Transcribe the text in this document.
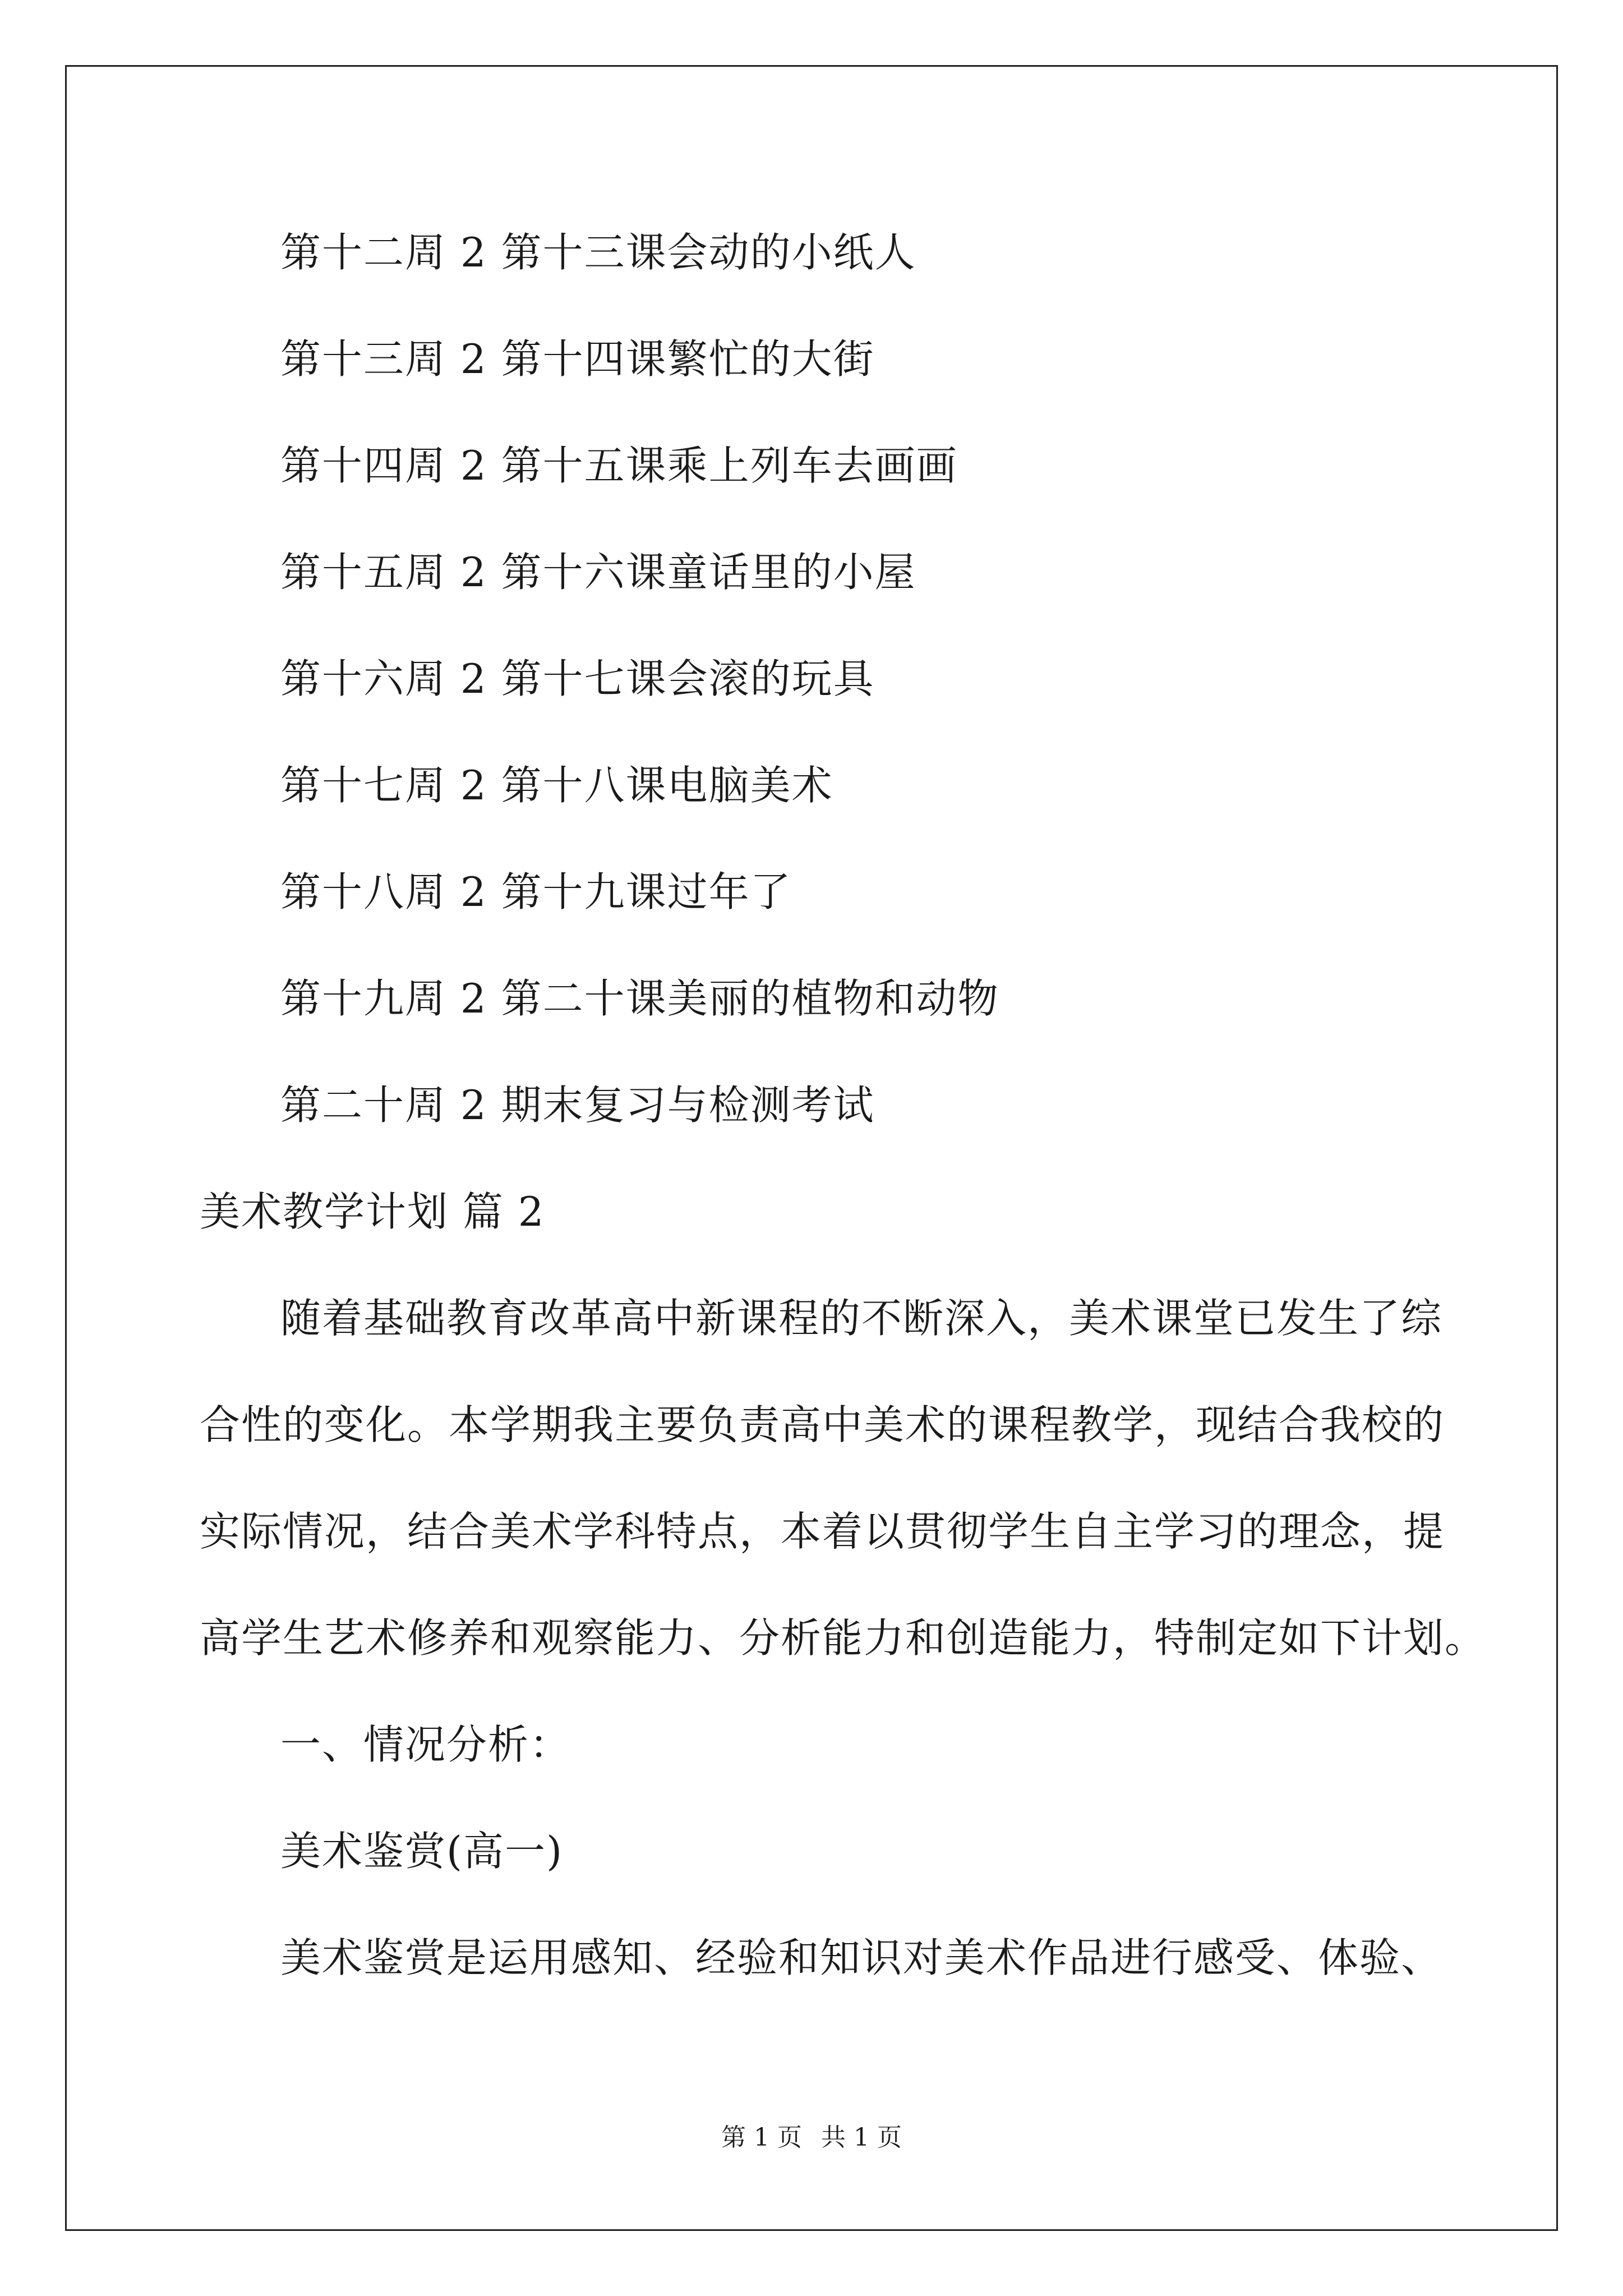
第十二周 2 第十三课会动的小纸人
第十三周 2 第十四课繁忙的大街
第十四周 2 第十五课乘上列车去画画
第十五周 2 第十六课童话里的小屋
第十六周 2 第十七课会滚的玩具
第十七周 2 第十八课电脑美术
第十八周 2 第十九课过年了
第十九周 2 第二十课美丽的植物和动物
第二十周 2 期末复习与检测考试
美术教学计划 篇 2
随着基础教育改革高中新课程的不断深入，美术课堂已发生了综
合性的变化。本学期我主要负责高中美术的课程教学，现结合我校的
实际情况，结合美术学科特点，本着以贯彻学生自主学习的理念，提
高学生艺术修养和观察能力、分析能力和创造能力，特制定如下计划。
一、情况分析：
美术鉴赏(高一)
美术鉴赏是运用感知、经验和知识对美术作品进行感受、体验、
第 1 页 共 1 页
